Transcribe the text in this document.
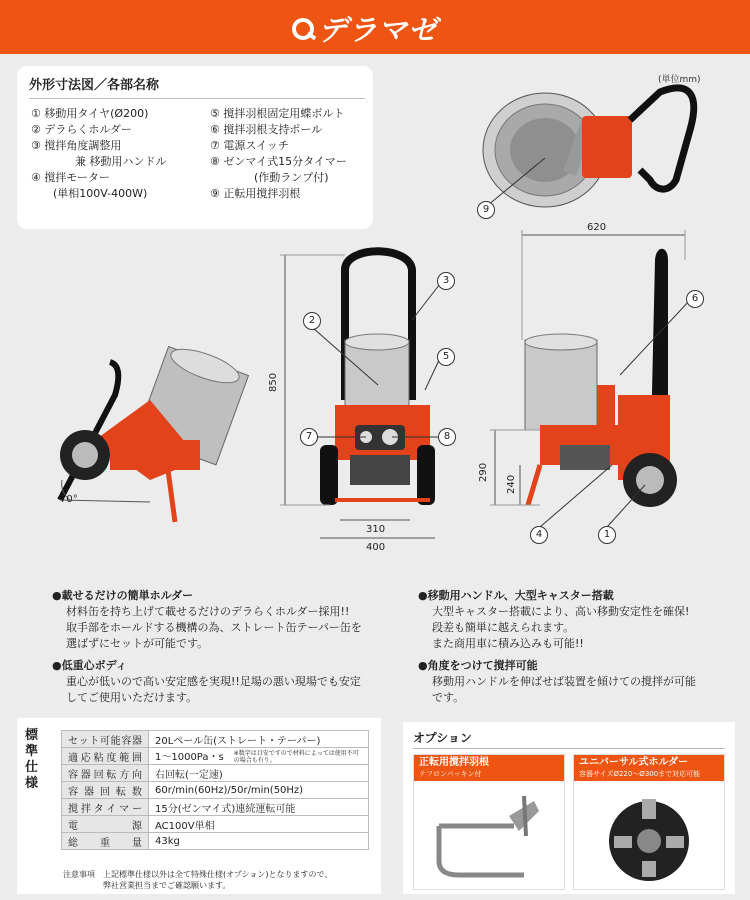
デラマゼ
外形寸法図／各部名称
① 移動用タイヤ(Ø200)
② デラらくホルダー
③ 撹拌角度調整用
　　　　兼 移動用ハンドル
④ 撹拌モーター
　　(単相100V-400W)
⑤ 撹拌羽根固定用蝶ボルト
⑥ 撹拌羽根支持ポール
⑦ 電源スイッチ
⑧ ゼンマイ式15分タイマー
　　　　(作動ランプ付)
⑨ 正転用撹拌羽根
(単位mm)
70°
850
310
400
620
290
240
9
2
3
5
7	8
6
4	1
●載せるだけの簡単ホルダー
材料缶を持ち上げて載せるだけのデラらくホルダー採用!!
取手部をホールドする機構の為、ストレート缶テーパー缶を
選ばずにセットが可能です。
●低重心ボディ
重心が低いので高い安定感を実現!!足場の悪い現場でも安定
してご使用いただけます。
●移動用ハンドル、大型キャスター搭載
大型キャスター搭載により、高い移動安定性を確保!
段差も簡単に越えられます。
また商用車に積み込みも可能!!
●角度をつけて撹拌可能
移動用ハンドルを伸ばせば装置を傾けての撹拌が可能
です。
標準仕様
セット可能容器	20Lペール缶(ストレート・テーパー)
適応粘度範囲	1～1000Pa・s ※数字は目安ですので材料によっては使用不可の場合も有り。
容器回転方向	右回転(一定速)
容器回転数	60r/min(60Hz)/50r/min(50Hz)
撹拌タイマー	15分(ゼンマイ式)連続運転可能
電源	AC100V単相
総重量	43kg
注意事項　上記標準仕様以外は全て特殊仕様(オプション)となりますので、
　　　　　弊社営業担当までご確認願います。
オプション
正転用撹拌羽根
テフロンパッキン付
ユニバーサル式ホルダー
容器サイズØ220～Ø300まで対応可能
